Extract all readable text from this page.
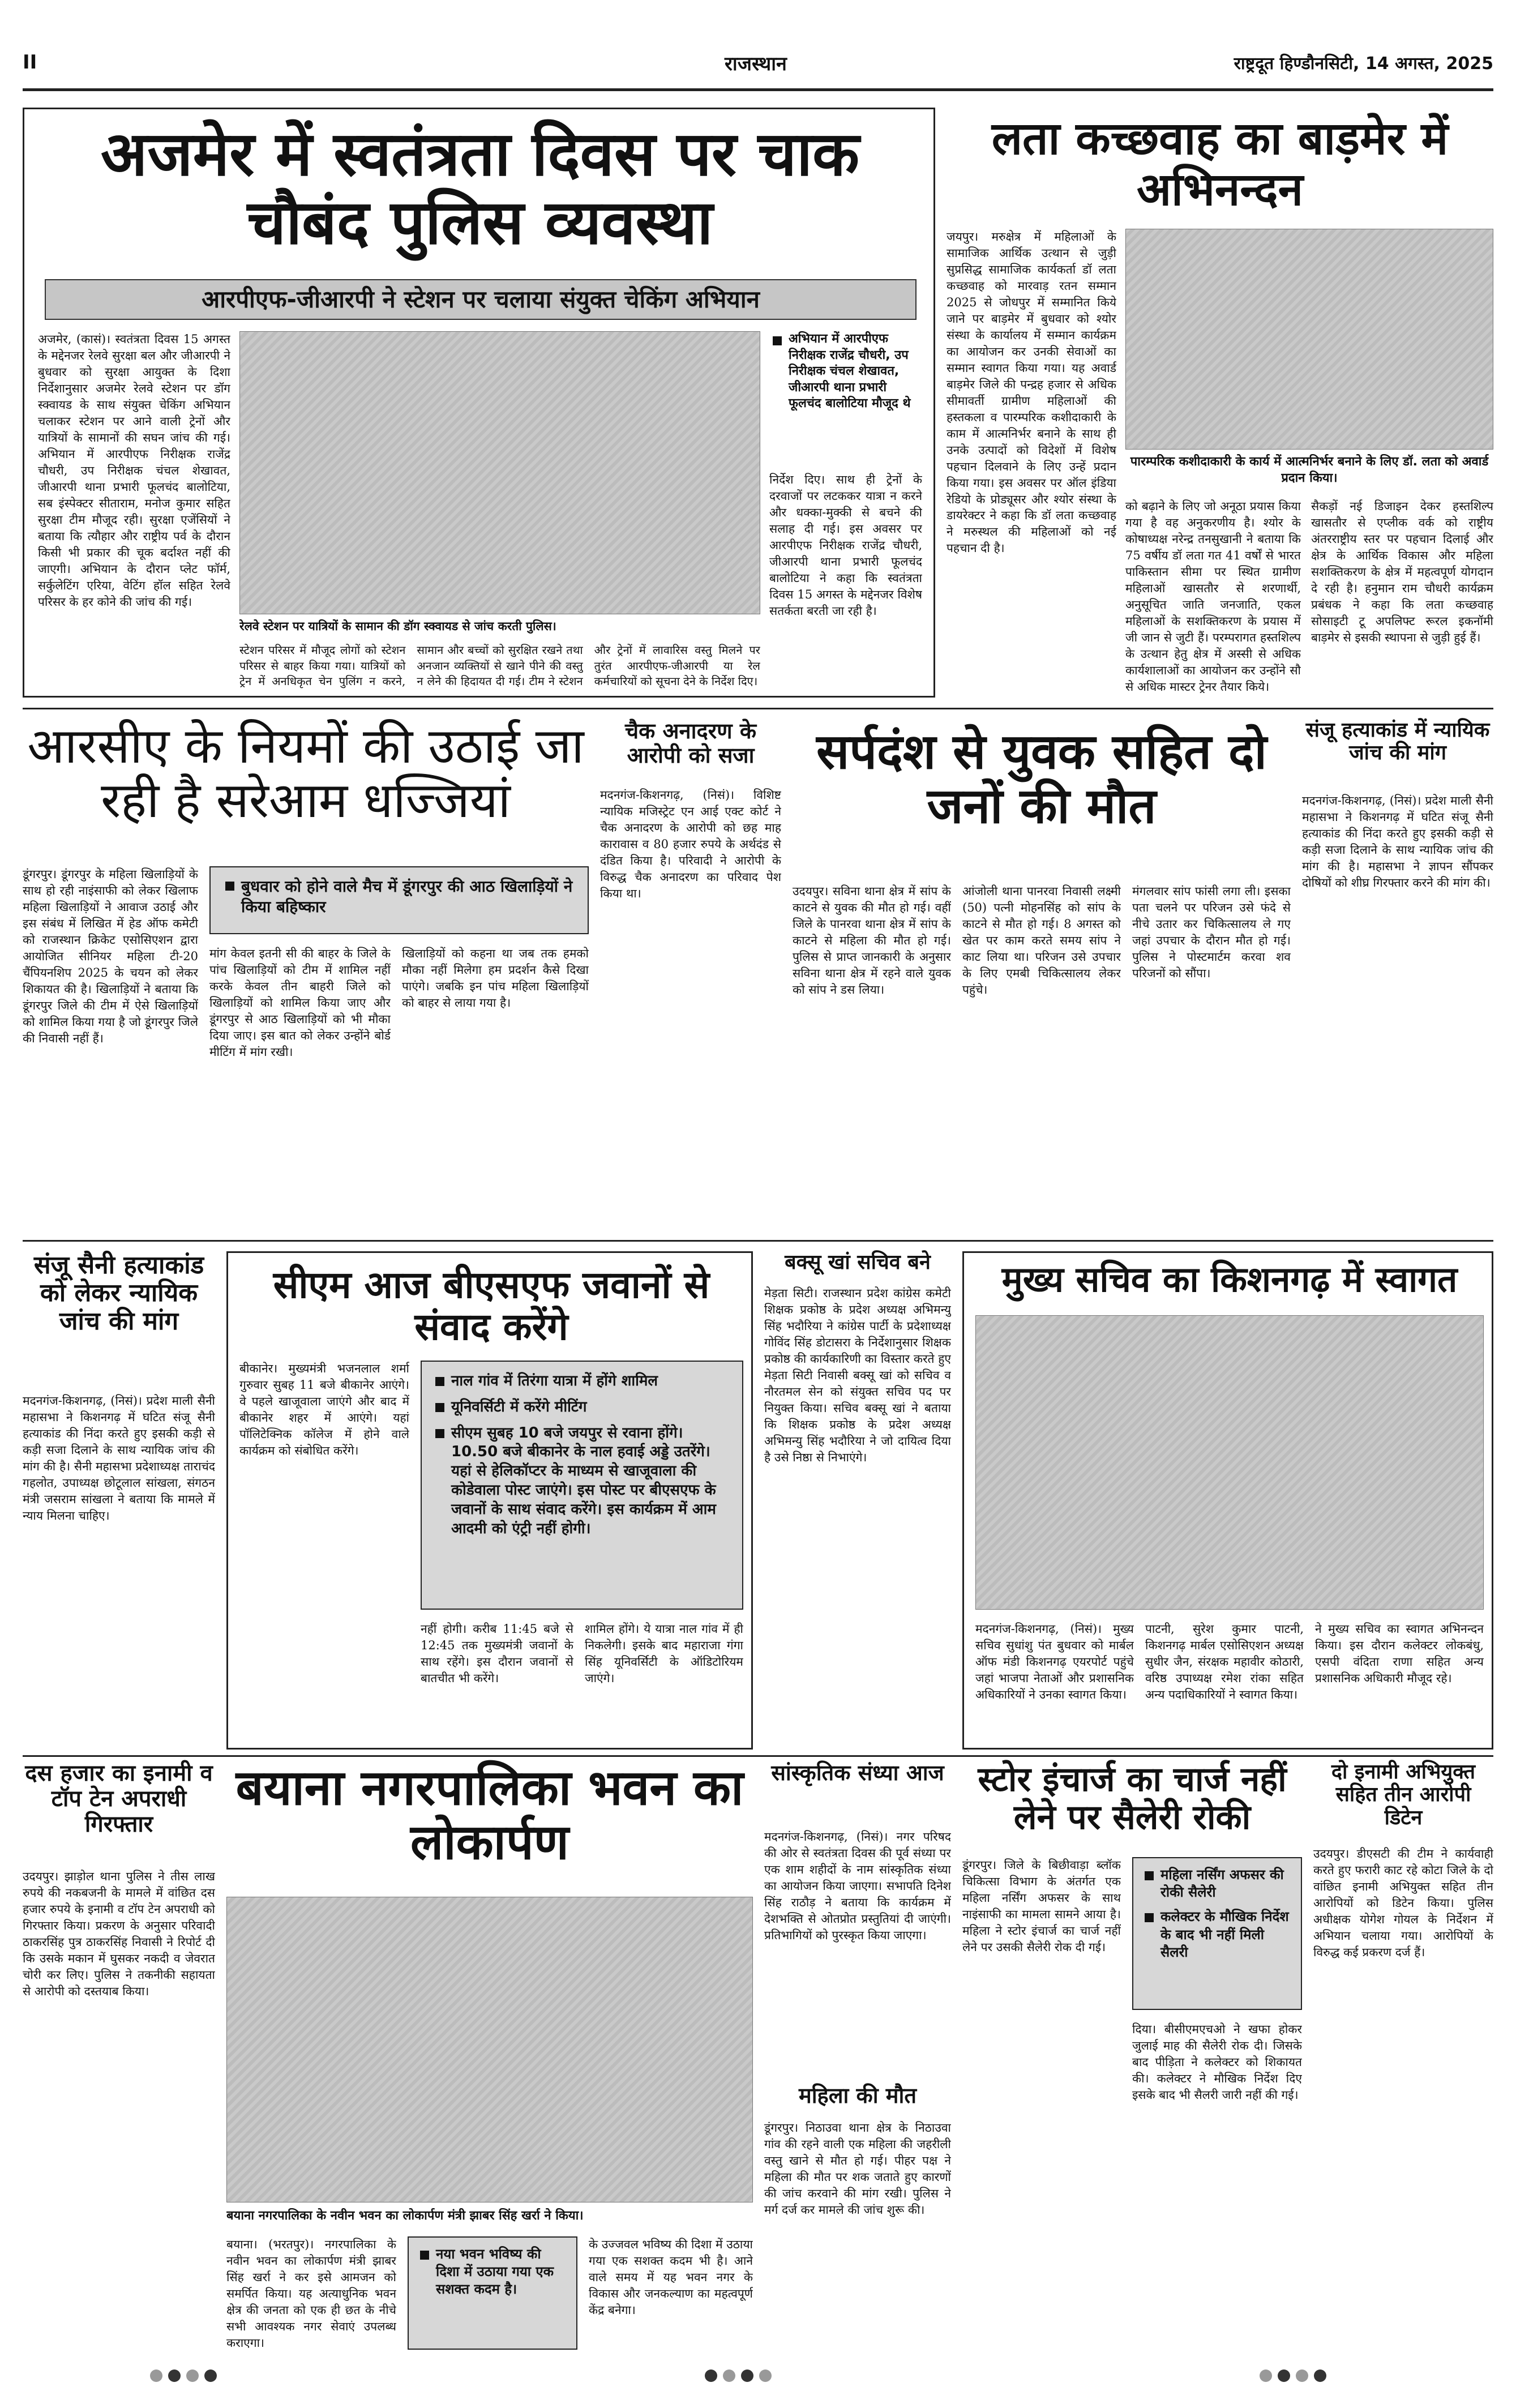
II	राजस्थान	राष्ट्रदूत हिण्डौनसिटी, 14 अगस्त, 2025
अजमेर में स्वतंत्रता दिवस पर चाक चौबंद पुलिस व्यवस्था
आरपीएफ-जीआरपी ने स्टेशन पर चलाया संयुक्त चेकिंग अभियान

अजमेर, (कासं)। स्वतंत्रता दिवस 15 अगस्त के मद्देनजर रेलवे सुरक्षा बल और जीआरपी ने बुधवार को सुरक्षा आयुक्त के दिशा निर्देशानुसार अजमेर रेलवे स्टेशन पर डॉग स्क्वायड के साथ संयुक्त चेकिंग अभियान चलाकर स्टेशन पर आने वाली ट्रेनों और यात्रियों के सामानों की सघन जांच की गई। अभियान में आरपीएफ निरीक्षक राजेंद्र चौधरी, उप निरीक्षक चंचल शेखावत, जीआरपी थाना प्रभारी फूलचंद बालोटिया, सब इंस्पेक्टर सीताराम, मनोज कुमार सहित सुरक्षा टीम मौजूद रही। सुरक्षा एजेंसियों ने बताया कि त्यौहार और राष्ट्रीय पर्व के दौरान किसी भी प्रकार की चूक बर्दाश्त नहीं की जाएगी। अभियान के दौरान प्लेट फॉर्म, सर्कुलेटिंग एरिया, वेटिंग हॉल सहित रेलवे परिसर के हर कोने की जांच की गई।

रेलवे स्टेशन पर यात्रियों के सामान की डॉग स्क्वायड से जांच करती पुलिस।
अभियान में आरपीएफ निरीक्षक राजेंद्र चौधरी, उप निरीक्षक चंचल शेखावत, जीआरपी थाना प्रभारी फूलचंद बालोटिया मौजूद थे

निर्देश दिए। साथ ही ट्रेनों के दरवाजों पर लटककर यात्रा न करने और धक्का-मुक्की से बचने की सलाह दी गई। इस अवसर पर आरपीएफ निरीक्षक राजेंद्र चौधरी, जीआरपी थाना प्रभारी फूलचंद बालोटिया ने कहा कि स्वतंत्रता दिवस 15 अगस्त के मद्देनजर विशेष सतर्कता बरती जा रही है।

स्टेशन परिसर में मौजूद लोगों को स्टेशन परिसर से बाहर किया गया। यात्रियों को ट्रेन में अनधिकृत चेन पुलिंग न करने, सामान और बच्चों को सुरक्षित रखने तथा अनजान व्यक्तियों से खाने पीने की वस्तु न लेने की हिदायत दी गई। टीम ने स्टेशन और ट्रेनों में लावारिस वस्तु मिलने पर तुरंत आरपीएफ-जीआरपी या रेल कर्मचारियों को सूचना देने के निर्देश दिए।

लता कच्छवाह का बाड़मेर में अभिनन्दन

जयपुर। मरुक्षेत्र में महिलाओं के सामाजिक आर्थिक उत्थान से जुड़ी सुप्रसिद्ध सामाजिक कार्यकर्ता डॉ लता कच्छवाह को मारवाड़ रतन सम्मान 2025 से जोधपुर में सम्मानित किये जाने पर बाड़मेर में बुधवार को श्योर संस्था के कार्यालय में सम्मान कार्यक्रम का आयोजन कर उनकी सेवाओं का सम्मान स्वागत किया गया। यह अवार्ड बाड़मेर जिले की पन्द्रह हजार से अधिक सीमावर्ती ग्रामीण महिलाओं की हस्तकला व पारम्परिक कशीदाकारी के काम में आत्मनिर्भर बनाने के साथ ही उनके उत्पादों को विदेशों में विशेष पहचान दिलवाने के लिए उन्हें प्रदान किया गया। इस अवसर पर ऑल इंडिया रेडियो के प्रोड्यूसर और श्योर संस्था के डायरेक्टर ने कहा कि डॉ लता कच्छवाह ने मरुस्थल की महिलाओं को नई पहचान दी है।

पारम्परिक कशीदाकारी के कार्य में आत्मनिर्भर बनाने के लिए डॉ. लता को अवार्ड प्रदान किया।

को बढ़ाने के लिए जो अनूठा प्रयास किया गया है वह अनुकरणीय है। श्योर के कोषाध्यक्ष नरेन्द्र तनसुखानी ने बताया कि 75 वर्षीय डॉ लता गत 41 वर्षों से भारत पाकिस्तान सीमा पर स्थित ग्रामीण महिलाओं खासतौर से शरणार्थी, अनुसूचित जाति जनजाति, एकल महिलाओं के सशक्तिकरण के प्रयास में जी जान से जुटी हैं। परम्परागत हस्तशिल्प के उत्थान हेतु क्षेत्र में अस्सी से अधिक कार्यशालाओं का आयोजन कर उन्होंने सौ से अधिक मास्टर ट्रेनर तैयार किये।

सैकड़ों नई डिजाइन देकर हस्तशिल्प खासतौर से एप्लीक वर्क को राष्ट्रीय अंतरराष्ट्रीय स्तर पर पहचान दिलाई और क्षेत्र के आर्थिक विकास और महिला सशक्तिकरण के क्षेत्र में महत्वपूर्ण योगदान दे रही है। हनुमान राम चौधरी कार्यक्रम प्रबंधक ने कहा कि लता कच्छवाह सोसाइटी टू अपलिफ्ट रूरल इकनॉमी बाड़मेर से इसकी स्थापना से जुड़ी हुई हैं।

आरसीए के नियमों की उठाई जा रही है सरेआम धज्जियां

डूंगरपुर। डूंगरपुर के महिला खिलाड़ियों के साथ हो रही नाइंसाफी को लेकर खिलाफ महिला खिलाड़ियों ने आवाज उठाई और इस संबंध में लिखित में हेड ऑफ कमेटी को राजस्थान क्रिकेट एसोसिएशन द्वारा आयोजित सीनियर महिला टी-20 चैंपियनशिप 2025 के चयन को लेकर शिकायत की है। खिलाड़ियों ने बताया कि डूंगरपुर जिले की टीम में ऐसे खिलाड़ियों को शामिल किया गया है जो डूंगरपुर जिले की निवासी नहीं हैं।

बुधवार को होने वाले मैच में डूंगरपुर की आठ खिलाड़ियों ने किया बहिष्कार

मांग केवल इतनी सी की बाहर के जिले के पांच खिलाड़ियों को टीम में शामिल नहीं करके केवल तीन बाहरी जिले को खिलाड़ियों को शामिल किया जाए और डूंगरपुर से आठ खिलाड़ियों को भी मौका दिया जाए। इस बात को लेकर उन्होंने बोर्ड मीटिंग में मांग रखी।

खिलाड़ियों को कहना था जब तक हमको मौका नहीं मिलेगा हम प्रदर्शन कैसे दिखा पाएंगे। जबकि इन पांच महिला खिलाड़ियों को बाहर से लाया गया है।

चैक अनादरण के आरोपी को सजा

मदनगंज-किशनगढ़, (निसं)। विशिष्ट न्यायिक मजिस्ट्रेट एन आई एक्ट कोर्ट ने चैक अनादरण के आरोपी को छह माह कारावास व 80 हजार रुपये के अर्थदंड से दंडित किया है। परिवादी ने आरोपी के विरुद्ध चैक अनादरण का परिवाद पेश किया था।

सर्पदंश से युवक सहित दो जनों की मौत

उदयपुर। सविना थाना क्षेत्र में सांप के काटने से युवक की मौत हो गई। वहीं जिले के पानरवा थाना क्षेत्र में सांप के काटने से महिला की मौत हो गई। पुलिस से प्राप्त जानकारी के अनुसार सविना थाना क्षेत्र में रहने वाले युवक को सांप ने डस लिया।

आंजोली थाना पानरवा निवासी लक्ष्मी (50) पत्नी मोहनसिंह को सांप के काटने से मौत हो गई। 8 अगस्त को खेत पर काम करते समय सांप ने काट लिया था। परिजन उसे उपचार के लिए एमबी चिकित्सालय लेकर पहुंचे।

मंगलवार सांप फांसी लगा ली। इसका पता चलने पर परिजन उसे फंदे से नीचे उतार कर चिकित्सालय ले गए जहां उपचार के दौरान मौत हो गई। पुलिस ने पोस्टमार्टम करवा शव परिजनों को सौंपा।

संजू हत्याकांड में न्यायिक जांच की मांग

मदनगंज-किशनगढ़, (निसं)। प्रदेश माली सैनी महासभा ने किशनगढ़ में घटित संजू सैनी हत्याकांड की निंदा करते हुए इसकी कड़ी से कड़ी सजा दिलाने के साथ न्यायिक जांच की मांग की है। महासभा ने ज्ञापन सौंपकर दोषियों को शीघ्र गिरफ्तार करने की मांग की।

संजू सैनी हत्याकांड को लेकर न्यायिक जांच की मांग

मदनगंज-किशनगढ़, (निसं)। प्रदेश माली सैनी महासभा ने किशनगढ़ में घटित संजू सैनी हत्याकांड की निंदा करते हुए इसकी कड़ी से कड़ी सजा दिलाने के साथ न्यायिक जांच की मांग की है। सैनी महासभा प्रदेशाध्यक्ष ताराचंद गहलोत, उपाध्यक्ष छोटूलाल सांखला, संगठन मंत्री जसराम सांखला ने बताया कि मामले में न्याय मिलना चाहिए।

सीएम आज बीएसएफ जवानों से संवाद करेंगे

बीकानेर। मुख्यमंत्री भजनलाल शर्मा गुरुवार सुबह 11 बजे बीकानेर आएंगे। वे पहले खाजूवाला जाएंगे और बाद में बीकानेर शहर में आएंगे। यहां पॉलिटेक्निक कॉलेज में होने वाले कार्यक्रम को संबोधित करेंगे।

नाल गांव में तिरंगा यात्रा में होंगे शामिल
यूनिवर्सिटी में करेंगे मीटिंग
सीएम सुबह 10 बजे जयपुर से रवाना होंगे। 10.50 बजे बीकानेर के नाल हवाई अड्डे उतरेंगे। यहां से हेलिकॉप्टर के माध्यम से खाजूवाला की कोडेवाला पोस्ट जाएंगे। इस पोस्ट पर बीएसएफ के जवानों के साथ संवाद करेंगे। इस कार्यक्रम में आम आदमी को एंट्री नहीं होगी।

नहीं होगी। करीब 11:45 बजे से 12:45 तक मुख्यमंत्री जवानों के साथ रहेंगे। इस दौरान जवानों से बातचीत भी करेंगे।

शामिल होंगे। ये यात्रा नाल गांव में ही निकलेगी। इसके बाद महाराजा गंगा सिंह यूनिवर्सिटी के ऑडिटोरियम जाएंगे।

बक्सू खां सचिव बने

मेड़ता सिटी। राजस्थान प्रदेश कांग्रेस कमेटी शिक्षक प्रकोष्ठ के प्रदेश अध्यक्ष अभिमन्यु सिंह भदौरिया ने कांग्रेस पार्टी के प्रदेशाध्यक्ष गोविंद सिंह डोटासरा के निर्देशानुसार शिक्षक प्रकोष्ठ की कार्यकारिणी का विस्तार करते हुए मेड़ता सिटी निवासी बक्सू खां को सचिव व नौरतमल सेन को संयुक्त सचिव पद पर नियुक्त किया। सचिव बक्सू खां ने बताया कि शिक्षक प्रकोष्ठ के प्रदेश अध्यक्ष अभिमन्यु सिंह भदौरिया ने जो दायित्व दिया है उसे निष्ठा से निभाएंगे।

मुख्य सचिव का किशनगढ़ में स्वागत

मदनगंज-किशनगढ़, (निसं)। मुख्य सचिव सुधांशु पंत बुधवार को मार्बल ऑफ मंडी किशनगढ़ एयरपोर्ट पहुंचे जहां भाजपा नेताओं और प्रशासनिक अधिकारियों ने उनका स्वागत किया।

पाटनी, सुरेश कुमार पाटनी, किशनगढ़ मार्बल एसोसिएशन अध्यक्ष सुधीर जैन, संरक्षक महावीर कोठारी, वरिष्ठ उपाध्यक्ष रमेश रांका सहित अन्य पदाधिकारियों ने स्वागत किया।

ने मुख्य सचिव का स्वागत अभिनन्दन किया। इस दौरान कलेक्टर लोकबंधु, एसपी वंदिता राणा सहित अन्य प्रशासनिक अधिकारी मौजूद रहे।

दस हजार का इनामी व टॉप टेन अपराधी गिरफ्तार

उदयपुर। झाड़ोल थाना पुलिस ने तीस लाख रुपये की नकबजनी के मामले में वांछित दस हजार रुपये के इनामी व टॉप टेन अपराधी को गिरफ्तार किया। प्रकरण के अनुसार परिवादी ठाकरसिंह पुत्र ठाकरसिंह निवासी ने रिपोर्ट दी कि उसके मकान में घुसकर नकदी व जेवरात चोरी कर लिए। पुलिस ने तकनीकी सहायता से आरोपी को दस्तयाब किया।

बयाना नगरपालिका भवन का लोकार्पण
बयाना नगरपालिका के नवीन भवन का लोकार्पण मंत्री झाबर सिंह खर्रा ने किया।

बयाना। (भरतपुर)। नगरपालिका के नवीन भवन का लोकार्पण मंत्री झाबर सिंह खर्रा ने कर इसे आमजन को समर्पित किया। यह अत्याधुनिक भवन क्षेत्र की जनता को एक ही छत के नीचे सभी आवश्यक नगर सेवाएं उपलब्ध कराएगा।

नया भवन भविष्य की दिशा में उठाया गया एक सशक्त कदम है।

के उज्जवल भविष्य की दिशा में उठाया गया एक सशक्त कदम भी है। आने वाले समय में यह भवन नगर के विकास और जनकल्याण का महत्वपूर्ण केंद्र बनेगा।

सांस्कृतिक संध्या आज

मदनगंज-किशनगढ़, (निसं)। नगर परिषद की ओर से स्वतंत्रता दिवस की पूर्व संध्या पर एक शाम शहीदों के नाम सांस्कृतिक संध्या का आयोजन किया जाएगा। सभापति दिनेश सिंह राठौड़ ने बताया कि कार्यक्रम में देशभक्ति से ओतप्रोत प्रस्तुतियां दी जाएंगी। प्रतिभागियों को पुरस्कृत किया जाएगा।

महिला की मौत

डूंगरपुर। निठाउवा थाना क्षेत्र के निठाउवा गांव की रहने वाली एक महिला की जहरीली वस्तु खाने से मौत हो गई। पीहर पक्ष ने महिला की मौत पर शक जताते हुए कारणों की जांच करवाने की मांग रखी। पुलिस ने मर्ग दर्ज कर मामले की जांच शुरू की।

स्टोर इंचार्ज का चार्ज नहीं लेने पर सैलेरी रोकी

डूंगरपुर। जिले के बिछीवाड़ा ब्लॉक चिकित्सा विभाग के अंतर्गत एक महिला नर्सिंग अफसर के साथ नाइंसाफी का मामला सामने आया है। महिला ने स्टोर इंचार्ज का चार्ज नहीं लेने पर उसकी सैलेरी रोक दी गई।

महिला नर्सिंग अफसर की रोकी सैलेरी
कलेक्टर के मौखिक निर्देश के बाद भी नहीं मिली सैलरी

दिया। बीसीएमएचओ ने खफा होकर जुलाई माह की सैलेरी रोक दी। जिसके बाद पीड़िता ने कलेक्टर को शिकायत की। कलेक्टर ने मौखिक निर्देश दिए इसके बाद भी सैलरी जारी नहीं की गई।

दो इनामी अभियुक्त सहित तीन आरोपी डिटेन

उदयपुर। डीएसटी की टीम ने कार्यवाही करते हुए फरारी काट रहे कोटा जिले के दो वांछित इनामी अभियुक्त सहित तीन आरोपियों को डिटेन किया। पुलिस अधीक्षक योगेश गोयल के निर्देशन में अभियान चलाया गया। आरोपियों के विरुद्ध कई प्रकरण दर्ज हैं।
